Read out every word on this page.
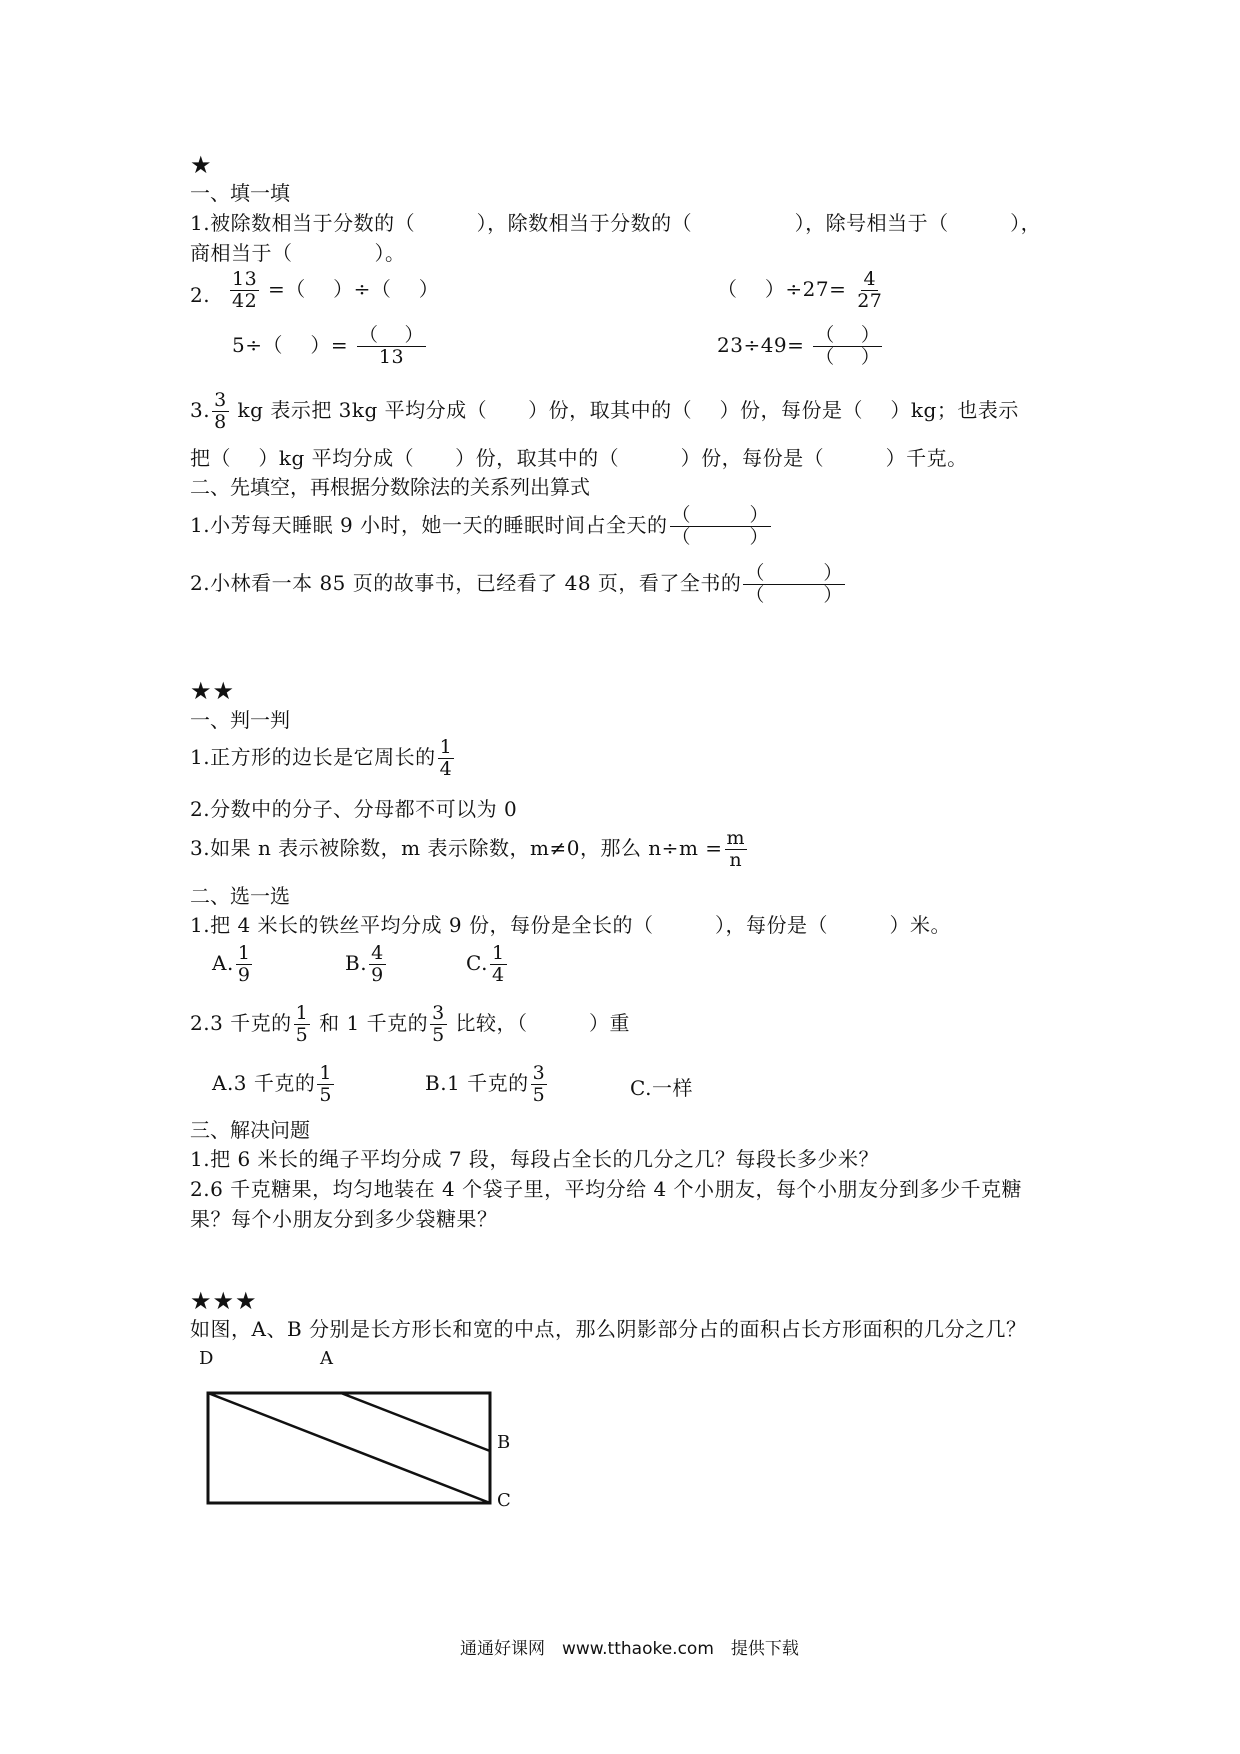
★
一、填一填
1.被除数相当于分数的（　　　），除数相当于分数的（　　　　　），除号相当于（　　　），
商相当于（　　　　）。
2. $\frac{13}{42}$ =（　 ）÷（　 ）	（　 ）$\div 27= \frac{4}{27}$
5÷（　 ）= $\frac{( )}{13}$	$23\div 49= \frac{( )}{( )}$
3. $\frac{3}{8}$ kg 表示把 3kg 平均分成（　　）份，取其中的（　 ）份，每份是（　 ）kg；也表示
把（　 ）kg 平均分成（　　）份，取其中的（　　　）份，每份是（　　　）千克。
二、先填空，再根据分数除法的关系列出算式
1.小芳每天睡眠 9 小时，她一天的睡眠时间占全天的 $\frac{( )}{( )}$
2.小林看一本 85 页的故事书，已经看了 48 页，看了全书的 $\frac{( )}{( )}$
★★
一、判一判
1.正方形的边长是它周长的 $\frac{1}{4}$
2.分数中的分子、分母都不可以为 0
3.如果 n 表示被除数，m 表示除数，m≠0，那么 $n\div m = \frac{m}{n}$
二、选一选
1.把 4 米长的铁丝平均分成 9 份，每份是全长的（　　　），每份是（　　　）米。
A. $\frac{1}{9}$	B. $\frac{4}{9}$	C. $\frac{1}{4}$
2.3 千克的 $\frac{1}{5}$ 和 1 千克的 $\frac{3}{5}$ 比较，（　　　）重
A.3 千克的 $\frac{1}{5}$	B.1 千克的 $\frac{3}{5}$	C.一样
三、解决问题
1.把 6 米长的绳子平均分成 7 段，每段占全长的几分之几？每段长多少米？
2.6 千克糖果，均匀地装在 4 个袋子里，平均分给 4 个小朋友，每个小朋友分到多少千克糖
果？每个小朋友分到多少袋糖果？
★★★
如图，A、B 分别是长方形长和宽的中点，那么阴影部分占的面积占长方形面积的几分之几？
D	A
B
C
通通好课网　www.tthaoke.com　提供下载
